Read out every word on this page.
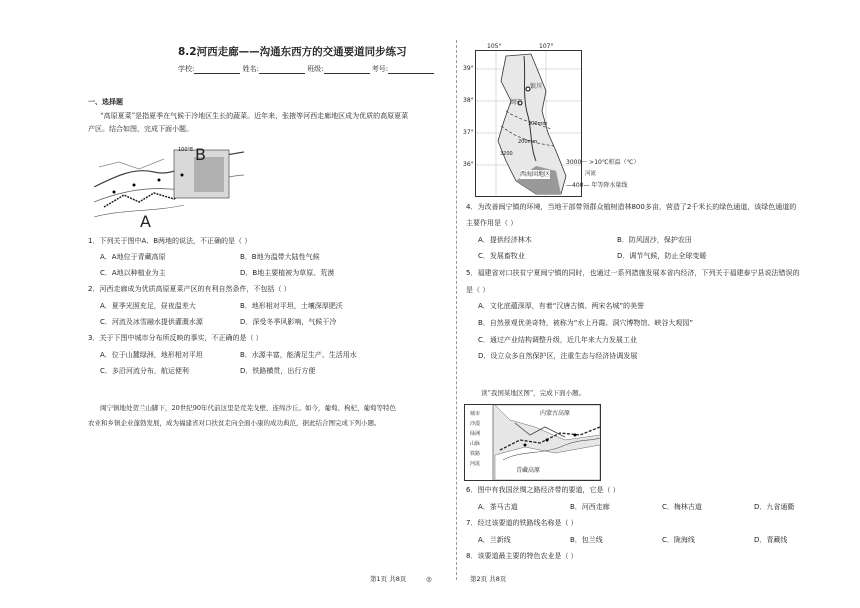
8.2河西走廊——沟通东西方的交通要道同步练习
学校:	姓名:	班级:	考号:
一、选择题
“高原夏菜”是指夏季在气候干冷地区生长的蔬菜。近年来，张掖等河西走廊地区成为优质的高原夏菜
产区。结合如图，完成下面小题。
100°E B
A
1．下列关于图中A、B两地的说法，不正确的是（ ）
A．A地位于青藏高原	B．B地为温带大陆性气候
C．A地以种植业为主	D．B地主要植被为草原、荒漠
2．河西走廊成为优质高原夏菜产区的有利自然条件，不包括（ ）
A．夏季光照充足，昼夜温差大	B．地形相对平坦，土壤深厚肥沃
C．河流及冰雪融水提供灌溉水源	D．深受冬季风影响，气候干冷
3．关于下图中城市分布所反映的事实，不正确的是（ ）
A．位于山麓绿洲，地形相对平坦	B．水源丰富，能满足生产、生活用水
C．多沿河流分布，航运便利	D．铁路横贯，出行方便
闽宁镇地处贺兰山脚下，20世纪90年代前这里是荒芜戈壁、连绵沙丘。如今，葡萄、枸杞、葡萄等特色
农业和乡镇企业蓬勃发展，成为福建省对口扶贫走向全面小康的成功典范，据此结合图完成下列小题。
105°	107°
39°
38°
37°
36°
银川
闽宁
300mm
200mm
3200
西海固地区
3000～ >10℃积温（℃）
河流
—400— 年等降水量线
4．为改善闽宁镇的环境，当地干部带领群众植树造林800多亩，营造了2千米长的绿色通道，该绿色通道的
主要作用是（ ）
A．提供经济林木	B．防风固沙，保护农田
C．发展畜牧业	D．调节气候，防止全球变暖
5．福建省对口扶贫宁夏闽宁镇的同时，也通过一系列措施发展本省内经济，下列关于福建泰宁县说法错误的
是（ ）
A．文化底蕴深厚，有着“汉唐古镇、两宋名城”的美誉
B．自然景观优美奇特，被称为“水上丹霞、洞穴博物馆、峡谷大观园”
C．通过产业结构调整升级，近几年来大力发展工业
D．设立众多自然保护区，注重生态与经济协调发展
读“我国某地区图”，完成下面小题。
城市
沙漠
绿洲
山脉
铁路
河流
内蒙古高原
青藏高原
6．图中有我国丝绸之路经济带的要道，它是（ ）
A．茶马古道	B．河西走廊	C．梅林古道	D．九省通衢
7．经过该要道的铁路线名称是（ ）
A．兰新线	B．包兰线	C．陇海线	D．青藏线
8．该要道最主要的特色农业是（ ）
第1页 共8页	◎	第2页 共8页
